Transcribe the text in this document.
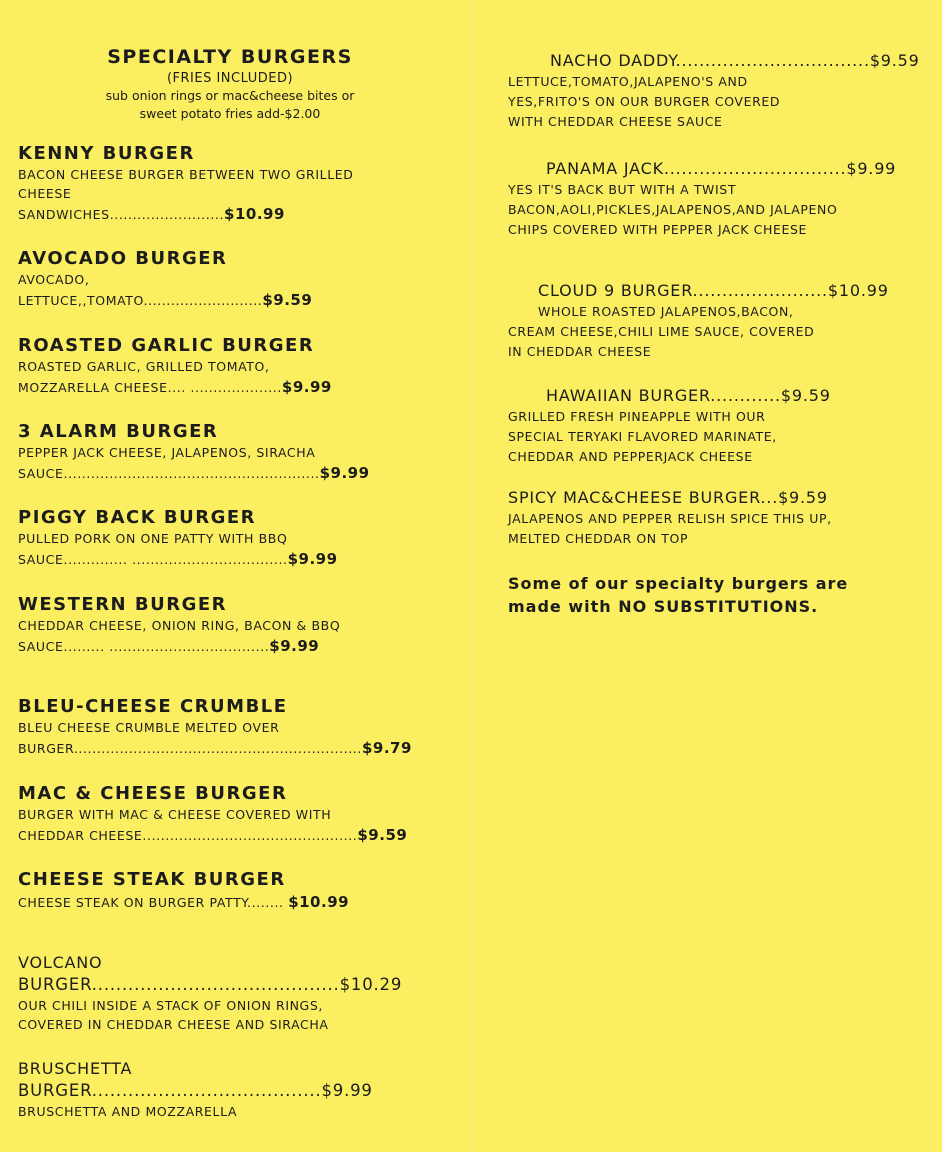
SPECIALTY BURGERS
(FRIES INCLUDED)
sub onion rings or mac&cheese bites or
sweet potato fries add-$2.00
KENNY BURGER
BACON CHEESE BURGER BETWEEN TWO GRILLED
CHEESE
SANDWICHES.........................$10.99
AVOCADO BURGER
AVOCADO,
LETTUCE,,TOMATO..........................$9.59
ROASTED GARLIC BURGER
ROASTED GARLIC, GRILLED TOMATO,
MOZZARELLA CHEESE.... ....................$9.99
3 ALARM BURGER
PEPPER JACK CHEESE, JALAPENOS, SIRACHA
SAUCE........................................................$9.99
PIGGY BACK BURGER
PULLED PORK ON ONE PATTY WITH BBQ
SAUCE.............. ..................................$9.99
WESTERN BURGER
CHEDDAR CHEESE, ONION RING, BACON & BBQ
SAUCE......... ...................................$9.99
BLEU-CHEESE CRUMBLE
BLEU CHEESE CRUMBLE MELTED OVER
BURGER...............................................................$9.79
MAC & CHEESE BURGER
BURGER WITH MAC & CHEESE COVERED WITH
CHEDDAR CHEESE...............................................$9.59
CHEESE STEAK BURGER
CHEESE STEAK ON BURGER PATTY........ $10.99
VOLCANO
BURGER.........................................$10.29
OUR CHILI INSIDE A STACK OF ONION RINGS,
COVERED IN CHEDDAR CHEESE AND SIRACHA
BRUSCHETTA
BURGER......................................$9.99
BRUSCHETTA AND MOZZARELLA
NACHO DADDY.................................$9.59
LETTUCE,TOMATO,JALAPENO'S AND
YES,FRITO'S ON OUR BURGER COVERED
WITH CHEDDAR CHEESE SAUCE
PANAMA JACK...............................$9.99
YES IT'S BACK BUT WITH A TWIST
BACON,AOLI,PICKLES,JALAPENOS,AND JALAPENO
CHIPS COVERED WITH PEPPER JACK CHEESE
CLOUD 9 BURGER.......................$10.99
WHOLE ROASTED JALAPENOS,BACON,
CREAM CHEESE,CHILI LIME SAUCE, COVERED
IN CHEDDAR CHEESE
HAWAIIAN BURGER............$9.59
GRILLED FRESH PINEAPPLE WITH OUR
SPECIAL TERYAKI FLAVORED MARINATE,
CHEDDAR AND PEPPERJACK CHEESE
SPICY MAC&CHEESE BURGER...$9.59
JALAPENOS AND PEPPER RELISH SPICE THIS UP,
MELTED CHEDDAR ON TOP
Some of our specialty burgers are
made with NO SUBSTITUTIONS.
